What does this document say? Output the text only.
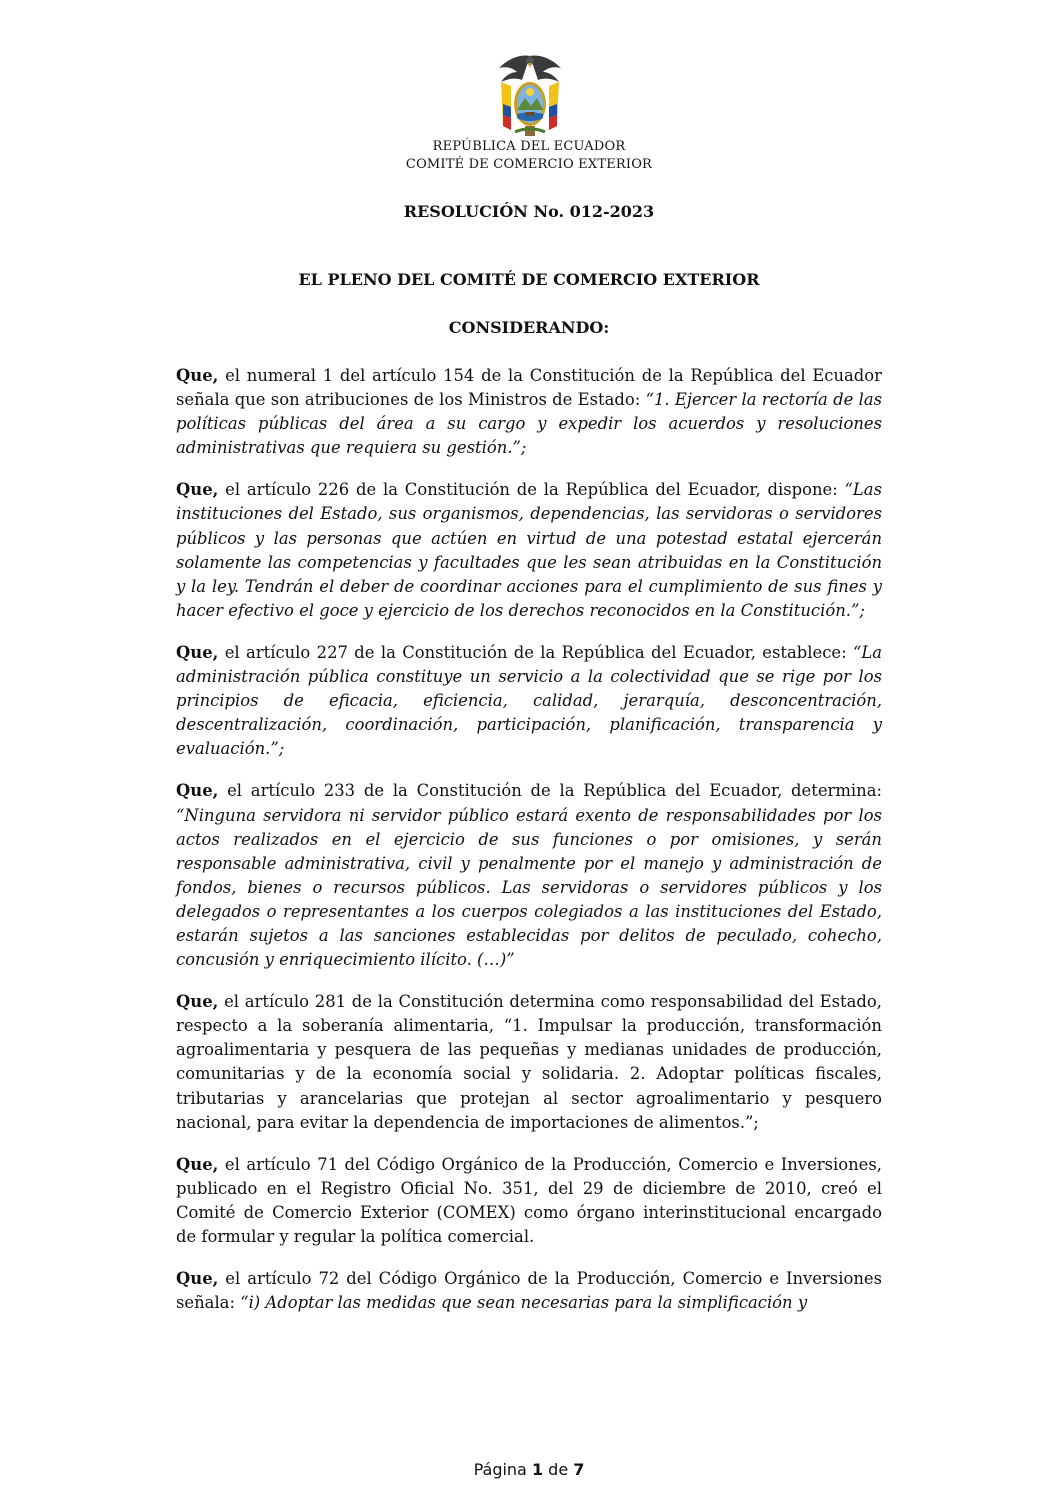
REPÚBLICA DEL ECUADOR

COMITÉ DE COMERCIO EXTERIOR

RESOLUCIÓN No. 012-2023

EL PLENO DEL COMITÉ DE COMERCIO EXTERIOR

CONSIDERANDO:

Que, el numeral 1 del artículo 154 de la Constitución de la República del Ecuador señala que son atribuciones de los Ministros de Estado: “1. Ejercer la rectoría de las políticas públicas del área a su cargo y expedir los acuerdos y resoluciones administrativas que requiera su gestión.”;

Que, el artículo 226 de la Constitución de la República del Ecuador, dispone: “Las instituciones del Estado, sus organismos, dependencias, las servidoras o servidores públicos y las personas que actúen en virtud de una potestad estatal ejercerán solamente las competencias y facultades que les sean atribuidas en la Constitución y la ley. Tendrán el deber de coordinar acciones para el cumplimiento de sus fines y hacer efectivo el goce y ejercicio de los derechos reconocidos en la Constitución.”;

Que, el artículo 227 de la Constitución de la República del Ecuador, establece: “La administración pública constituye un servicio a la colectividad que se rige por los principios de eficacia, eficiencia, calidad, jerarquía, desconcentración, descentralización, coordinación, participación, planificación, transparencia y evaluación.”;

Que, el artículo 233 de la Constitución de la República del Ecuador, determina: “Ninguna servidora ni servidor público estará exento de responsabilidades por los actos realizados en el ejercicio de sus funciones o por omisiones, y serán responsable administrativa, civil y penalmente por el manejo y administración de fondos, bienes o recursos públicos. Las servidoras o servidores públicos y los delegados o representantes a los cuerpos colegiados a las instituciones del Estado, estarán sujetos a las sanciones establecidas por delitos de peculado, cohecho, concusión y enriquecimiento ilícito. (…)”

Que, el artículo 281 de la Constitución determina como responsabilidad del Estado, respecto a la soberanía alimentaria, “1. Impulsar la producción, transformación agroalimentaria y pesquera de las pequeñas y medianas unidades de producción, comunitarias y de la economía social y solidaria. 2. Adoptar políticas fiscales, tributarias y arancelarias que protejan al sector agroalimentario y pesquero nacional, para evitar la dependencia de importaciones de alimentos.”;

Que, el artículo 71 del Código Orgánico de la Producción, Comercio e Inversiones, publicado en el Registro Oficial No. 351, del 29 de diciembre de 2010, creó el Comité de Comercio Exterior (COMEX) como órgano interinstitucional encargado de formular y regular la política comercial.

Que, el artículo 72 del Código Orgánico de la Producción, Comercio e Inversiones señala: “i) Adoptar las medidas que sean necesarias para la simplificación y

Página 1 de 7
